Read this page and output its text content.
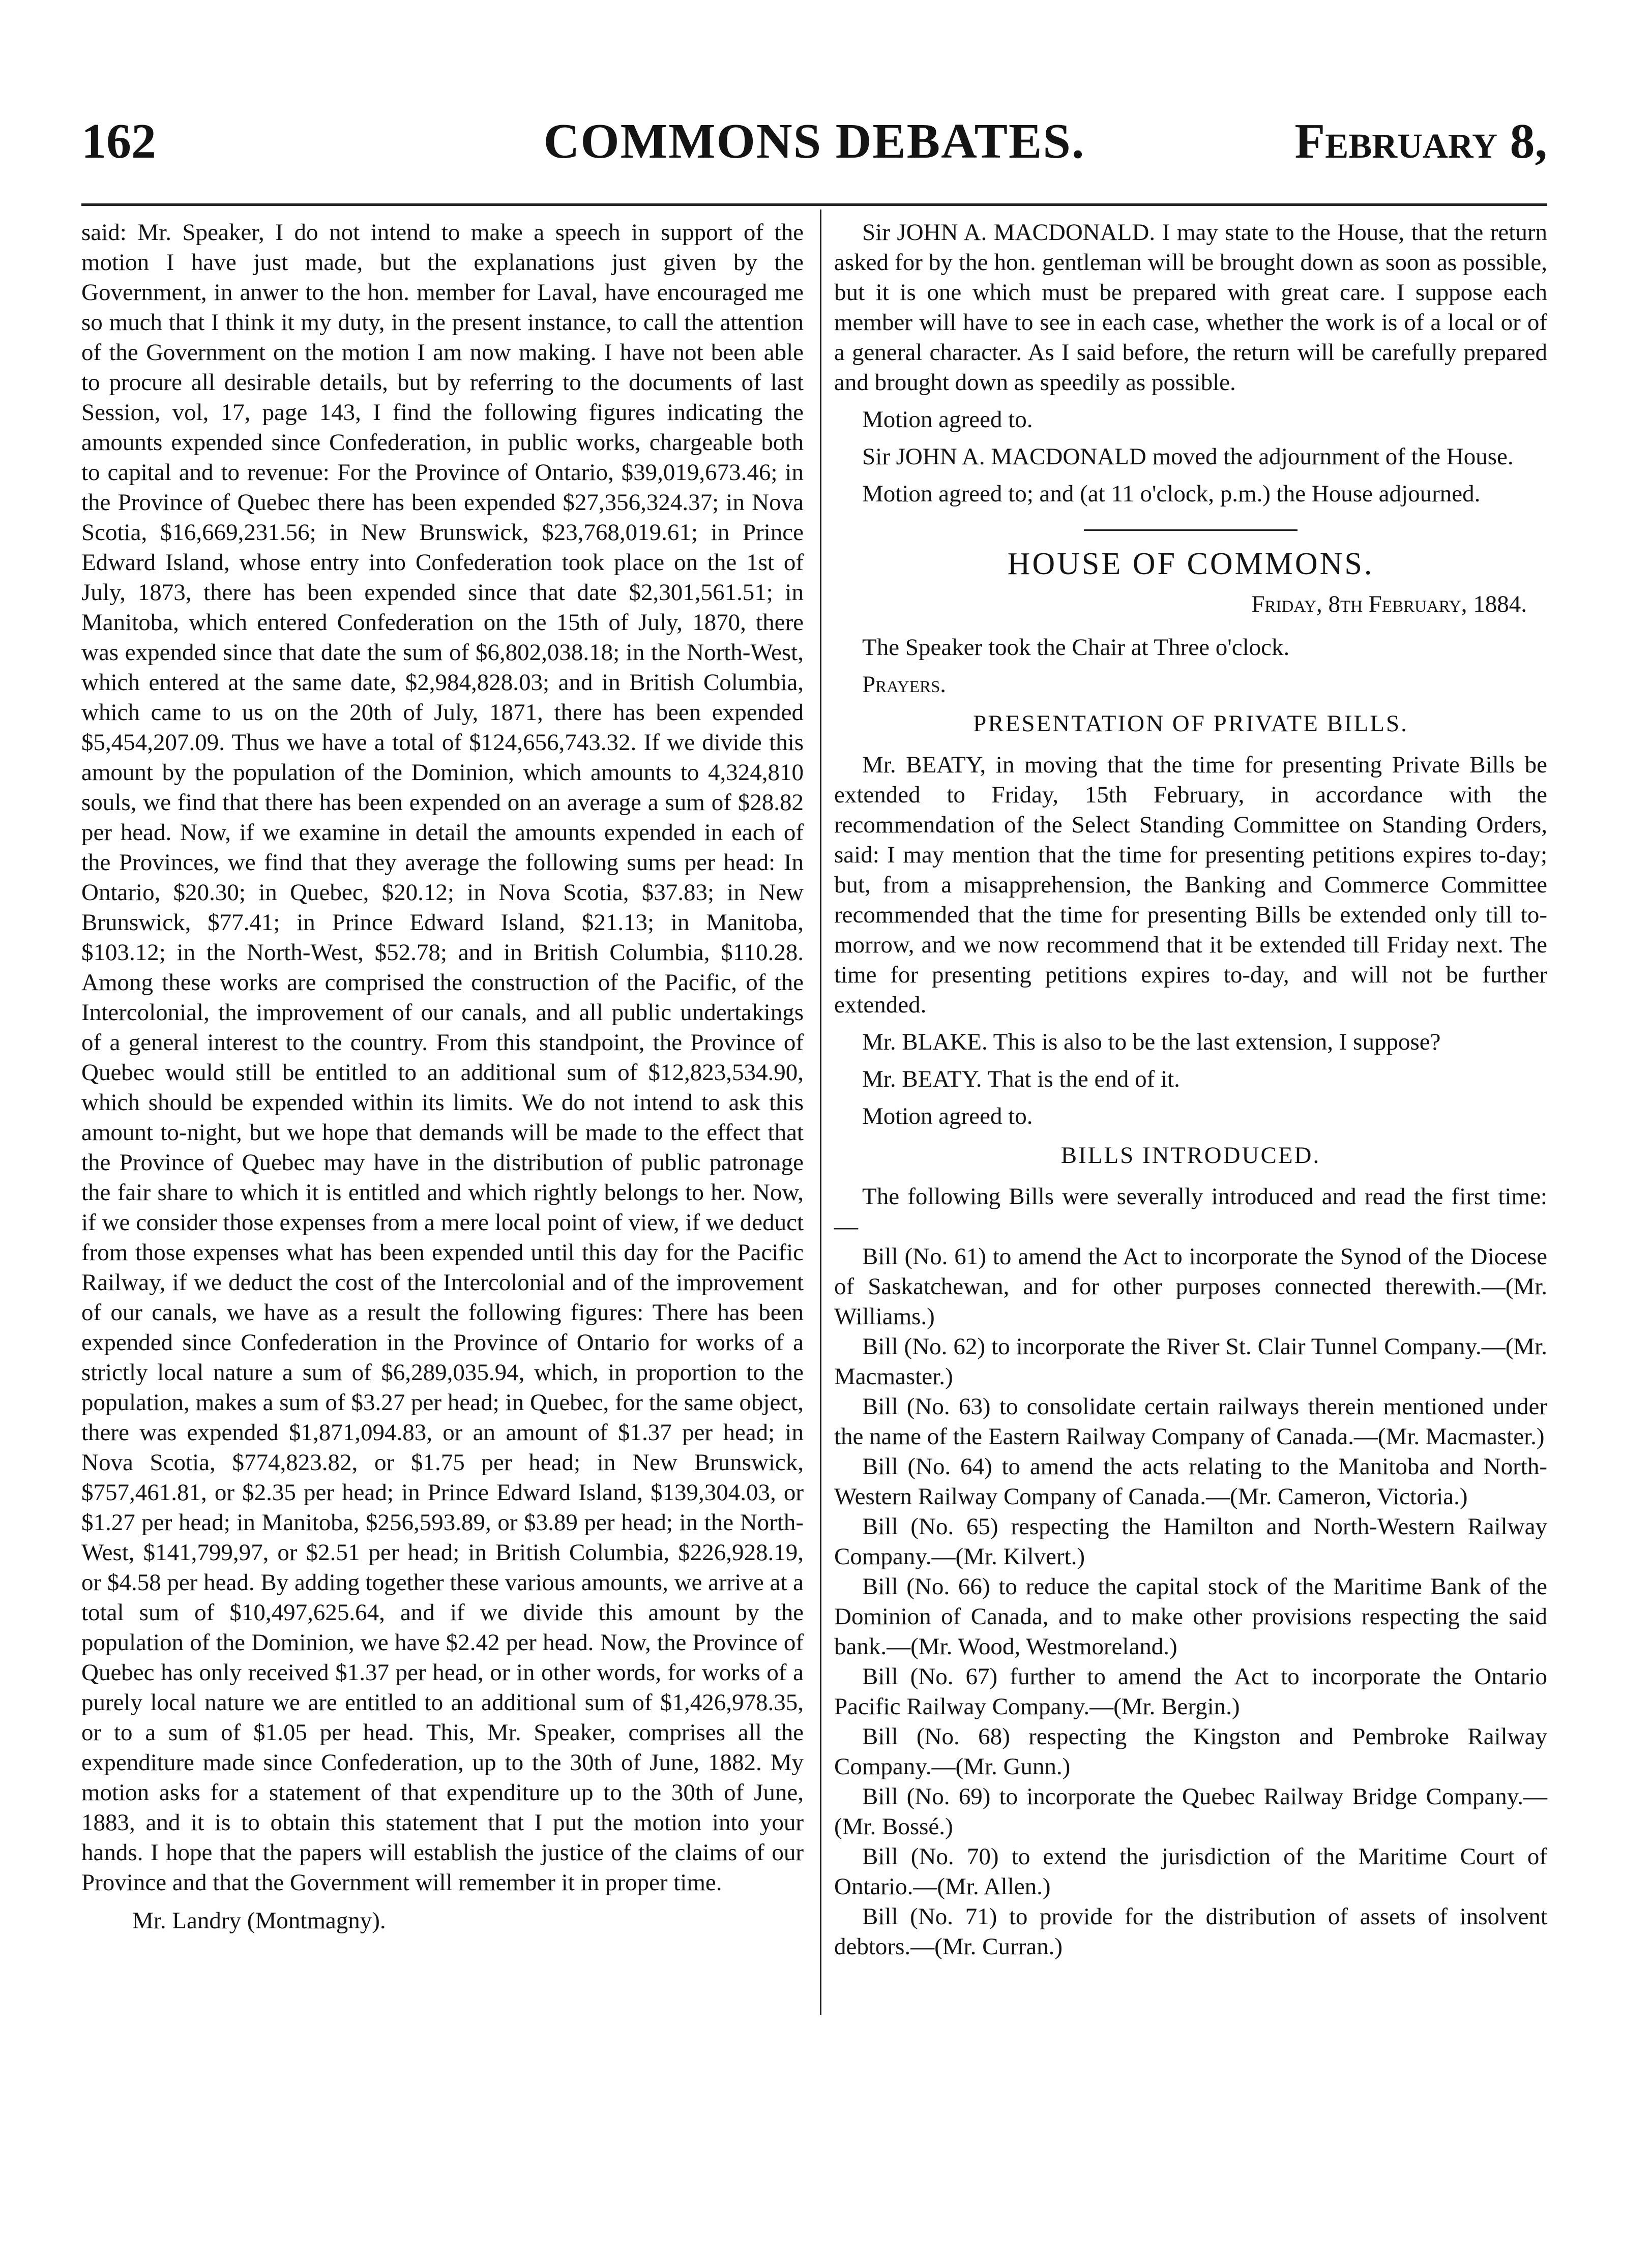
162	COMMONS DEBATES.	February 8,

said: Mr. Speaker, I do not intend to make a speech in support of the motion I have just made, but the explanations just given by the Government, in anwer to the hon. member for Laval, have encouraged me so much that I think it my duty, in the present instance, to call the attention of the Government on the motion I am now making. I have not been able to procure all desirable details, but by referring to the documents of last Session, vol, 17, page 143, I find the following figures indicating the amounts expended since Confederation, in public works, chargeable both to capital and to revenue: For the Province of Ontario, $39,019,673.46; in the Province of Quebec there has been expended $27,356,324.37; in Nova Scotia, $16,669,231.56; in New Brunswick, $23,768,019.61; in Prince Edward Island, whose entry into Confederation took place on the 1st of July, 1873, there has been expended since that date $2,301,561.51; in Manitoba, which entered Confederation on the 15th of July, 1870, there was expended since that date the sum of $6,802,038.18; in the North-West, which entered at the same date, $2,984,828.03; and in British Columbia, which came to us on the 20th of July, 1871, there has been expended $5,454,207.09. Thus we have a total of $124,656,743.32. If we divide this amount by the population of the Dominion, which amounts to 4,324,810 souls, we find that there has been expended on an average a sum of $28.82 per head. Now, if we examine in detail the amounts expended in each of the Provinces, we find that they average the following sums per head: In Ontario, $20.30; in Quebec, $20.12; in Nova Scotia, $37.83; in New Brunswick, $77.41; in Prince Edward Island, $21.13; in Manitoba, $103.12; in the North-West, $52.78; and in British Columbia, $110.28. Among these works are comprised the construction of the Pacific, of the Intercolonial, the improvement of our canals, and all public undertakings of a general interest to the country. From this standpoint, the Province of Quebec would still be entitled to an additional sum of $12,823,534.90, which should be expended within its limits. We do not intend to ask this amount to-night, but we hope that demands will be made to the effect that the Province of Quebec may have in the distribution of public patronage the fair share to which it is entitled and which rightly belongs to her. Now, if we consider those expenses from a mere local point of view, if we deduct from those expenses what has been expended until this day for the Pacific Railway, if we deduct the cost of the Intercolonial and of the improvement of our canals, we have as a result the following figures: There has been expended since Confederation in the Province of Ontario for works of a strictly local nature a sum of $6,289,035.94, which, in proportion to the population, makes a sum of $3.27 per head; in Quebec, for the same object, there was expended $1,871,094.83, or an amount of $1.37 per head; in Nova Scotia, $774,823.82, or $1.75 per head; in New Brunswick, $757,461.81, or $2.35 per head; in Prince Edward Island, $139,304.03, or $1.27 per head; in Manitoba, $256,593.89, or $3.89 per head; in the North-West, $141,799,97, or $2.51 per head; in British Columbia, $226,928.19, or $4.58 per head. By adding together these various amounts, we arrive at a total sum of $10,497,625.64, and if we divide this amount by the population of the Dominion, we have $2.42 per head. Now, the Province of Quebec has only received $1.37 per head, or in other words, for works of a purely local nature we are entitled to an additional sum of $1,426,978.35, or to a sum of $1.05 per head. This, Mr. Speaker, comprises all the expenditure made since Confederation, up to the 30th of June, 1882. My motion asks for a statement of that expenditure up to the 30th of June, 1883, and it is to obtain this statement that I put the motion into your hands. I hope that the papers will establish the justice of the claims of our Province and that the Government will remember it in proper time.

Mr. Landry (Montmagny).

Sir JOHN A. MACDONALD. I may state to the House, that the return asked for by the hon. gentleman will be brought down as soon as possible, but it is one which must be prepared with great care. I suppose each member will have to see in each case, whether the work is of a local or of a general character. As I said before, the return will be carefully prepared and brought down as speedily as possible.

Motion agreed to.

Sir JOHN A. MACDONALD moved the adjournment of the House.

Motion agreed to; and (at 11 o'clock, p.m.) the House adjourned.

HOUSE OF COMMONS.
Friday, 8th February, 1884.

The Speaker took the Chair at Three o'clock.

Prayers.

PRESENTATION OF PRIVATE BILLS.

Mr. BEATY, in moving that the time for presenting Private Bills be extended to Friday, 15th February, in accordance with the recommendation of the Select Standing Committee on Standing Orders, said: I may mention that the time for presenting petitions expires to-day; but, from a misapprehension, the Banking and Commerce Committee recommended that the time for presenting Bills be extended only till to-morrow, and we now recommend that it be extended till Friday next. The time for presenting petitions expires to-day, and will not be further extended.

Mr. BLAKE. This is also to be the last extension, I suppose?

Mr. BEATY. That is the end of it.

Motion agreed to.

BILLS INTRODUCED.

The following Bills were severally introduced and read the first time:—

Bill (No. 61) to amend the Act to incorporate the Synod of the Diocese of Saskatchewan, and for other purposes connected therewith.—(Mr. Williams.)

Bill (No. 62) to incorporate the River St. Clair Tunnel Company.—(Mr. Macmaster.)

Bill (No. 63) to consolidate certain railways therein mentioned under the name of the Eastern Railway Company of Canada.—(Mr. Macmaster.)

Bill (No. 64) to amend the acts relating to the Manitoba and North-Western Railway Company of Canada.—(Mr. Cameron, Victoria.)

Bill (No. 65) respecting the Hamilton and North-Western Railway Company.—(Mr. Kilvert.)

Bill (No. 66) to reduce the capital stock of the Maritime Bank of the Dominion of Canada, and to make other provisions respecting the said bank.—(Mr. Wood, Westmoreland.)

Bill (No. 67) further to amend the Act to incorporate the Ontario Pacific Railway Company.—(Mr. Bergin.)

Bill (No. 68) respecting the Kingston and Pembroke Railway Company.—(Mr. Gunn.)

Bill (No. 69) to incorporate the Quebec Railway Bridge Company.—(Mr. Bossé.)

Bill (No. 70) to extend the jurisdiction of the Maritime Court of Ontario.—(Mr. Allen.)

Bill (No. 71) to provide for the distribution of assets of insolvent debtors.—(Mr. Curran.)
